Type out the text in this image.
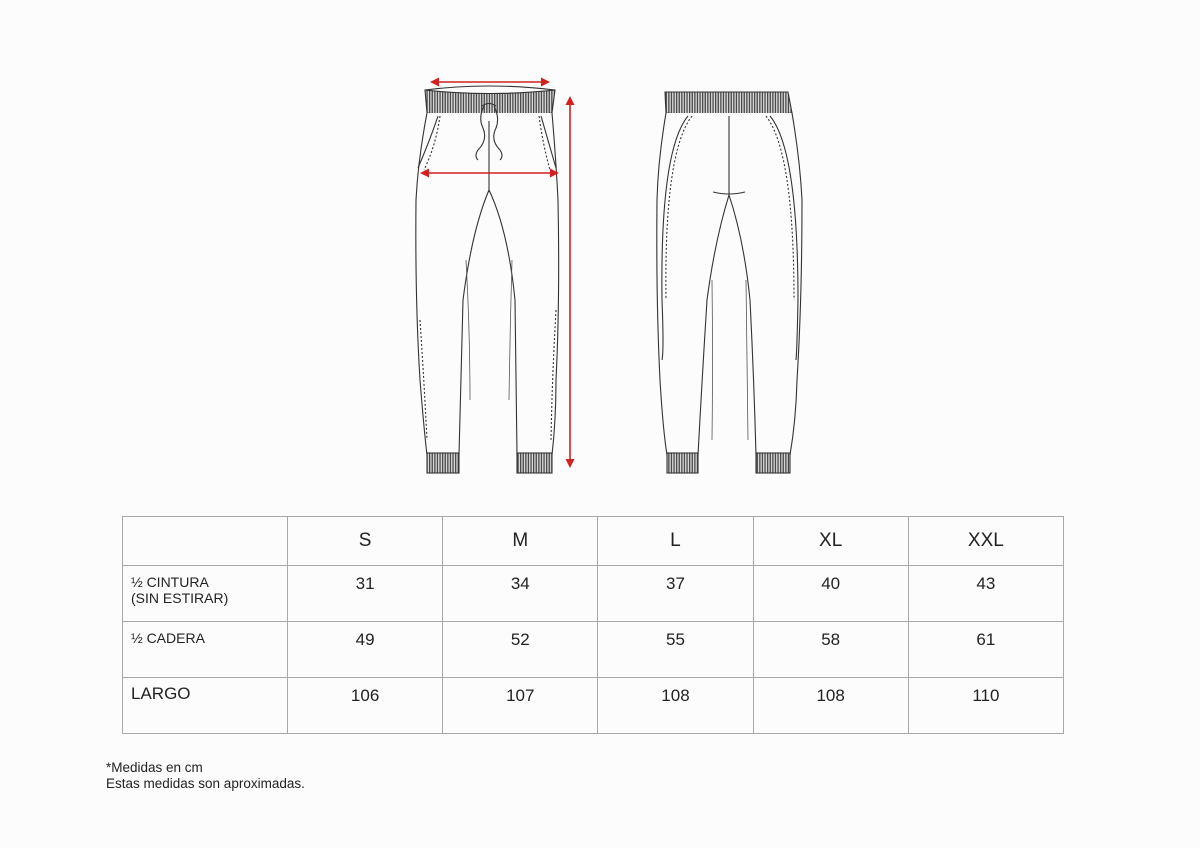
	S	M	L	XL	XXL

½ CINTURA
(SIN ESTIRAR)	31	34	37	40	43

½ CADERA	49	52	55	58	61

LARGO	106	107	108	108	110
*Medidas en cm
Estas medidas son aproximadas.
